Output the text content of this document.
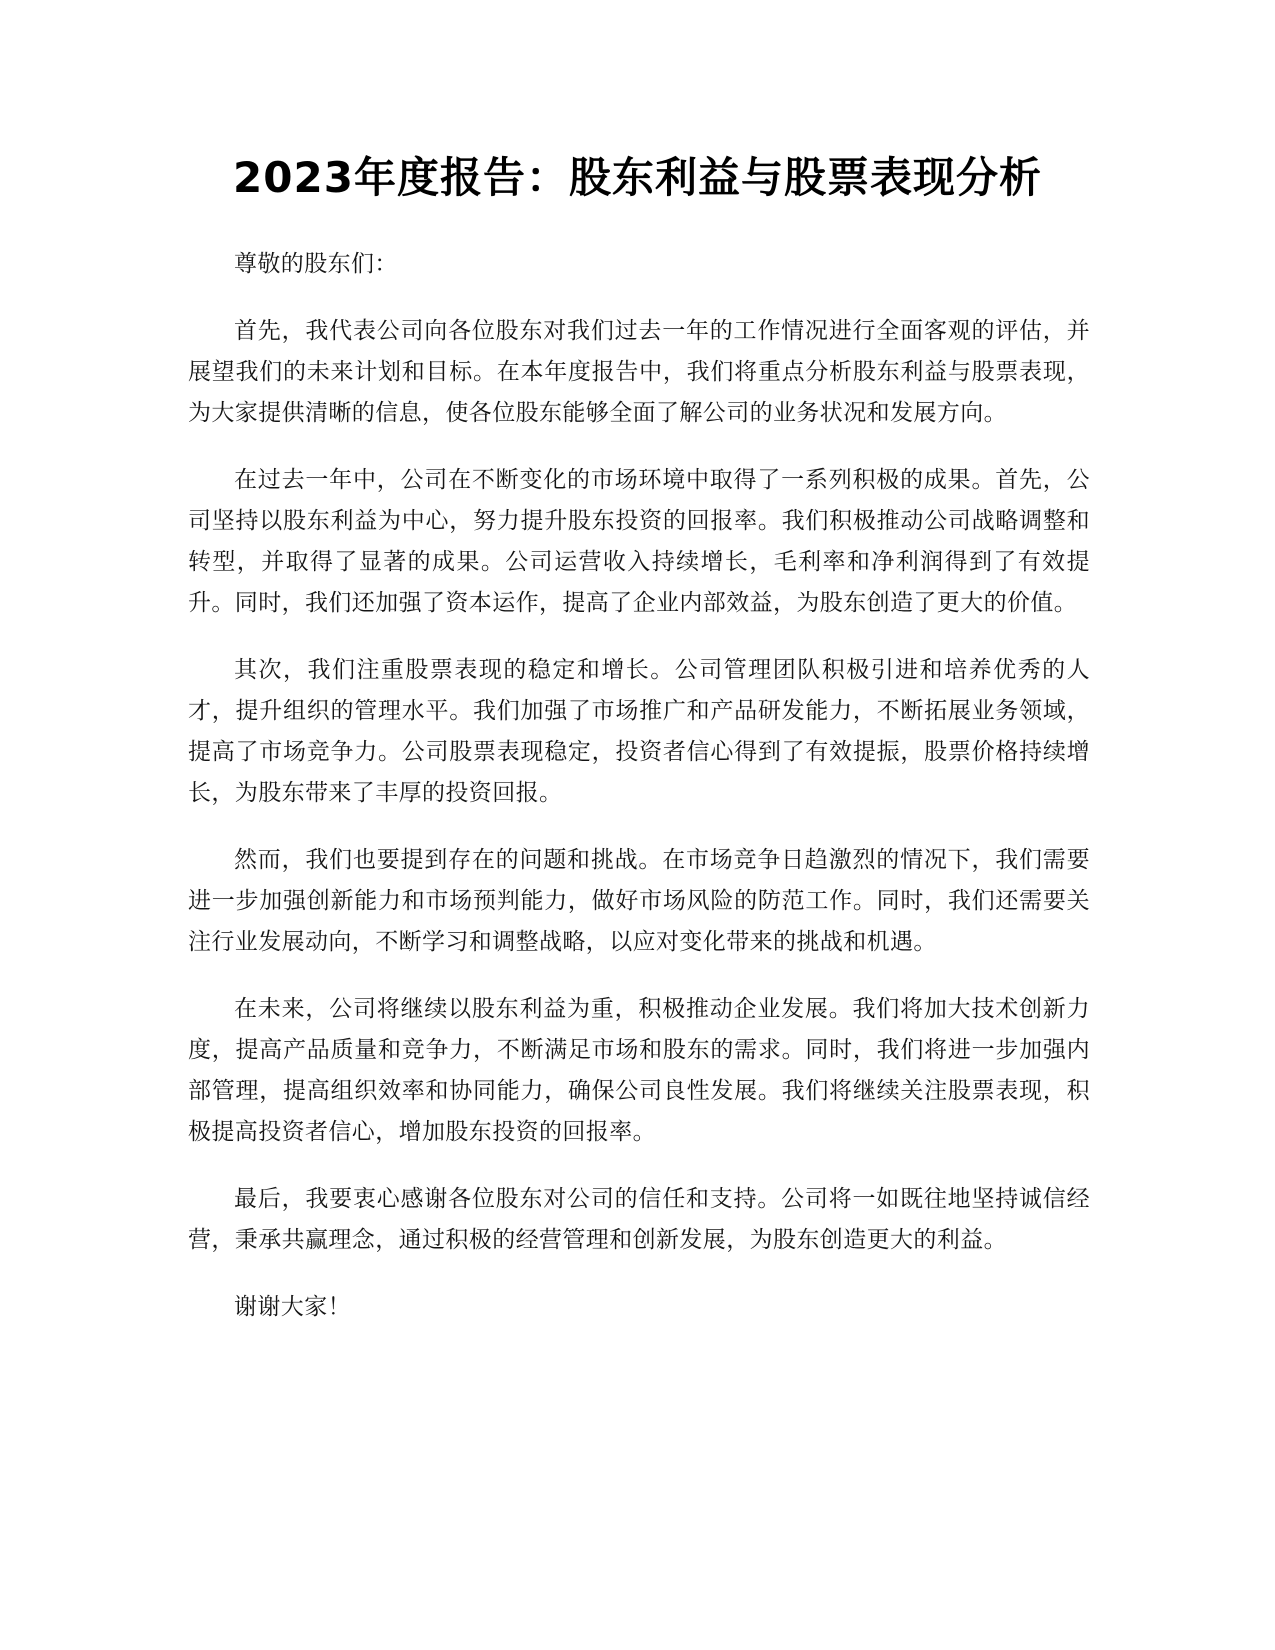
2023年度报告：股东利益与股票表现分析

尊敬的股东们：

首先，我代表公司向各位股东对我们过去一年的工作情况进行全面客观的评估，并展望我们的未来计划和目标。在本年度报告中，我们将重点分析股东利益与股票表现，为大家提供清晰的信息，使各位股东能够全面了解公司的业务状况和发展方向。

在过去一年中，公司在不断变化的市场环境中取得了一系列积极的成果。首先，公司坚持以股东利益为中心，努力提升股东投资的回报率。我们积极推动公司战略调整和转型，并取得了显著的成果。公司运营收入持续增长，毛利率和净利润得到了有效提升。同时，我们还加强了资本运作，提高了企业内部效益，为股东创造了更大的价值。

其次，我们注重股票表现的稳定和增长。公司管理团队积极引进和培养优秀的人才，提升组织的管理水平。我们加强了市场推广和产品研发能力，不断拓展业务领域，提高了市场竞争力。公司股票表现稳定，投资者信心得到了有效提振，股票价格持续增长，为股东带来了丰厚的投资回报。

然而，我们也要提到存在的问题和挑战。在市场竞争日趋激烈的情况下，我们需要进一步加强创新能力和市场预判能力，做好市场风险的防范工作。同时，我们还需要关注行业发展动向，不断学习和调整战略，以应对变化带来的挑战和机遇。

在未来，公司将继续以股东利益为重，积极推动企业发展。我们将加大技术创新力度，提高产品质量和竞争力，不断满足市场和股东的需求。同时，我们将进一步加强内部管理，提高组织效率和协同能力，确保公司良性发展。我们将继续关注股票表现，积极提高投资者信心，增加股东投资的回报率。

最后，我要衷心感谢各位股东对公司的信任和支持。公司将一如既往地坚持诚信经营，秉承共赢理念，通过积极的经营管理和创新发展，为股东创造更大的利益。

谢谢大家！
